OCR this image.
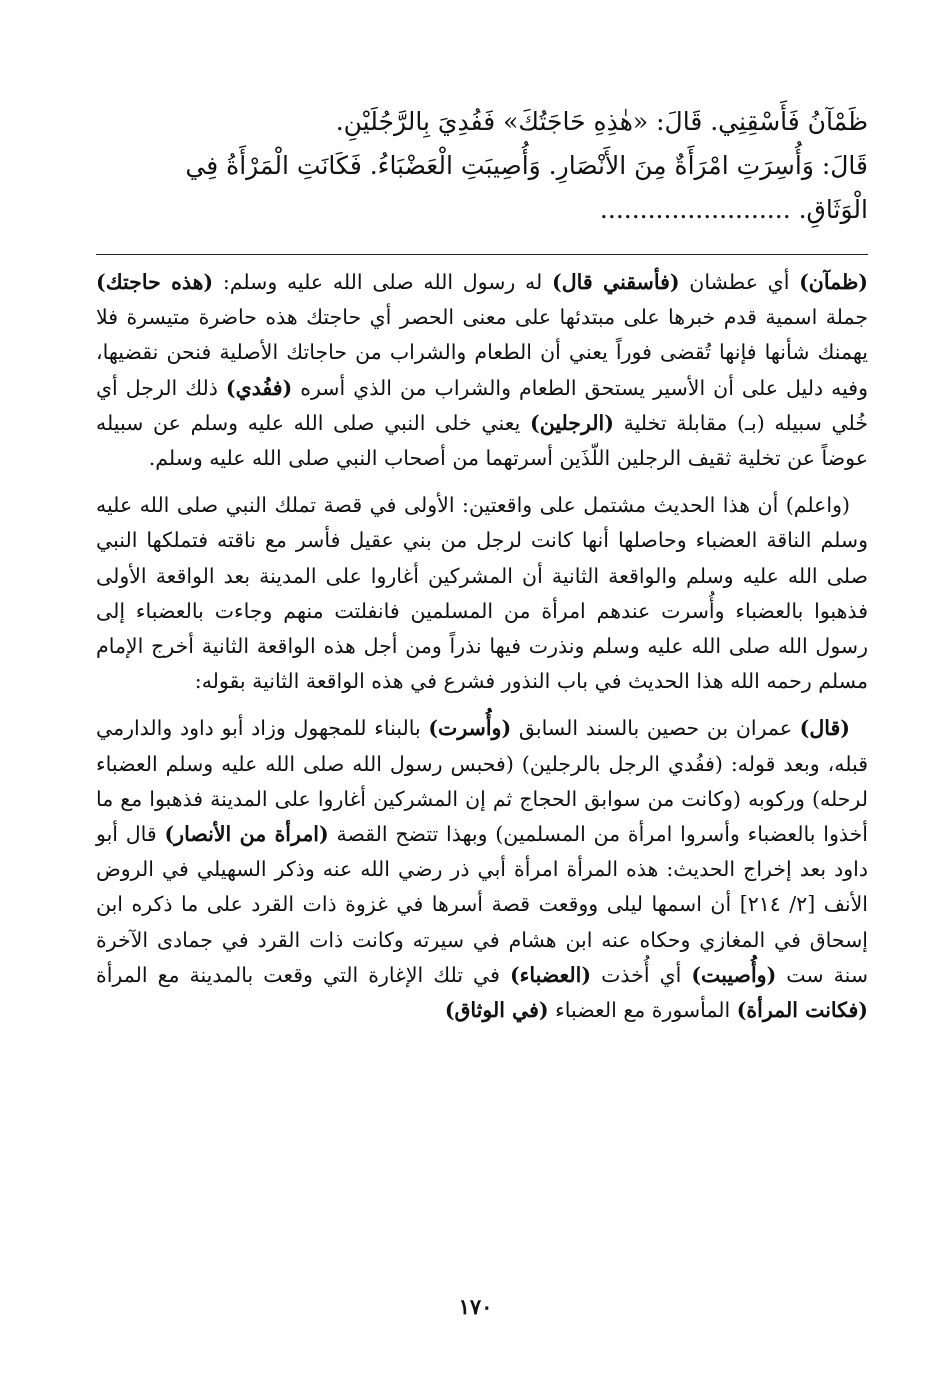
ظَمْآنُ فَأَسْقِنِي. قَالَ: «هٰذِهِ حَاجَتُكَ» فَفُدِيَ بِالرَّجُلَيْنِ.
قَالَ: وَأُسِرَتِ امْرَأَةٌ مِنَ الأَنْصَارِ. وَأُصِيبَتِ الْعَضْبَاءُ. فَكَانَتِ الْمَرْأَةُ فِي
الْوَثَاقِ. ........................

(ظمآن) أي عطشان (فأسقني قال) له رسول الله صلى الله عليه وسلم: (هذه حاجتك) جملة اسمية قدم خبرها على مبتدئها على معنى الحصر أي حاجتك هذه حاضرة متيسرة فلا يهمنك شأنها فإنها تُقضى فوراً يعني أن الطعام والشراب من حاجاتك الأصلية فنحن نقضيها، وفيه دليل على أن الأسير يستحق الطعام والشراب من الذي أسره (ففُدي) ذلك الرجل أي خُلي سبيله (بـ) مقابلة تخلية (الرجلين) يعني خلى النبي صلى الله عليه وسلم عن سبيله عوضاً عن تخلية ثقيف الرجلين اللّذَين أسرتهما من أصحاب النبي صلى الله عليه وسلم.

(واعلم) أن هذا الحديث مشتمل على واقعتين: الأولى في قصة تملك النبي صلى الله عليه وسلم الناقة العضباء وحاصلها أنها كانت لرجل من بني عقيل فأسر مع ناقته فتملكها النبي صلى الله عليه وسلم والواقعة الثانية أن المشركين أغاروا على المدينة بعد الواقعة الأولى فذهبوا بالعضباء وأُسرت عندهم امرأة من المسلمين فانفلتت منهم وجاءت بالعضباء إلى رسول الله صلى الله عليه وسلم ونذرت فيها نذراً ومن أجل هذه الواقعة الثانية أخرج الإمام مسلم رحمه الله هذا الحديث في باب النذور فشرع في هذه الواقعة الثانية بقوله:

(قال) عمران بن حصين بالسند السابق (وأُسرت) بالبناء للمجهول وزاد أبو داود والدارمي قبله، وبعد قوله: (ففُدي الرجل بالرجلين) (فحبس رسول الله صلى الله عليه وسلم العضباء لرحله) وركوبه (وكانت من سوابق الحجاج ثم إن المشركين أغاروا على المدينة فذهبوا مع ما أخذوا بالعضباء وأسروا امرأة من المسلمين) وبهذا تتضح القصة (امرأة من الأنصار) قال أبو داود بعد إخراج الحديث: هذه المرأة امرأة أبي ذر رضي الله عنه وذكر السهيلي في الروض الأنف [٢/ ٢١٤] أن اسمها ليلى ووقعت قصة أسرها في غزوة ذات القرد على ما ذكره ابن إسحاق في المغازي وحكاه عنه ابن هشام في سيرته وكانت ذات القرد في جمادى الآخرة سنة ست (وأُصيبت) أي أُخذت (العضباء) في تلك الإغارة التي وقعت بالمدينة مع المرأة (فكانت المرأة) المأسورة مع العضباء (في الوثاق)

١٧٠
